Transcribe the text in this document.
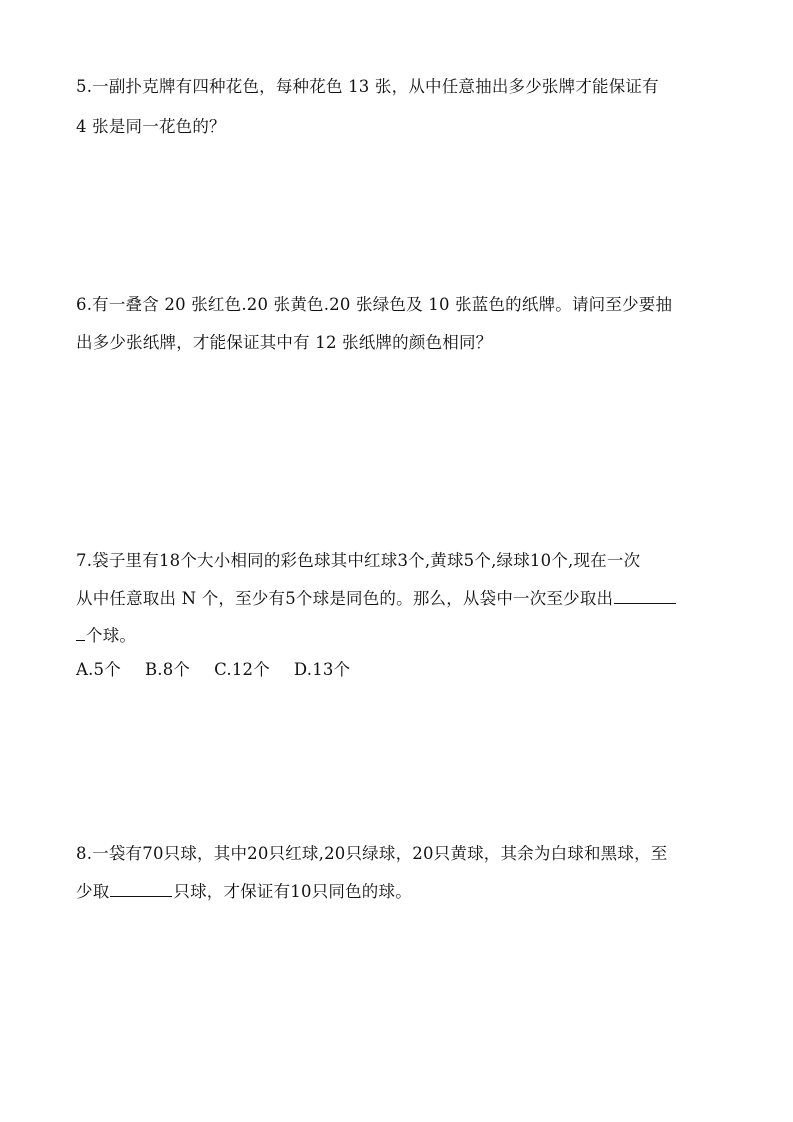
5.一副扑克牌有四种花色，每种花色 13 张，从中任意抽出多少张牌才能保证有
4 张是同一花色的？
6.有一叠含 20 张红色.20 张黄色.20 张绿色及 10 张蓝色的纸牌。请问至少要抽
出多少张纸牌，才能保证其中有 12 张纸牌的颜色相同？
7.袋子里有18个大小相同的彩色球其中红球3个,黄球5个,绿球10个,现在一次
从中任意取出 N 个，至少有5个球是同色的。那么，从袋中一次至少取出
个球。
A.5个 B.8个 C.12个 D.13个
8.一袋有70只球，其中20只红球,20只绿球，20只黄球，其余为白球和黑球，至
少取	只球，才保证有10只同色的球。
